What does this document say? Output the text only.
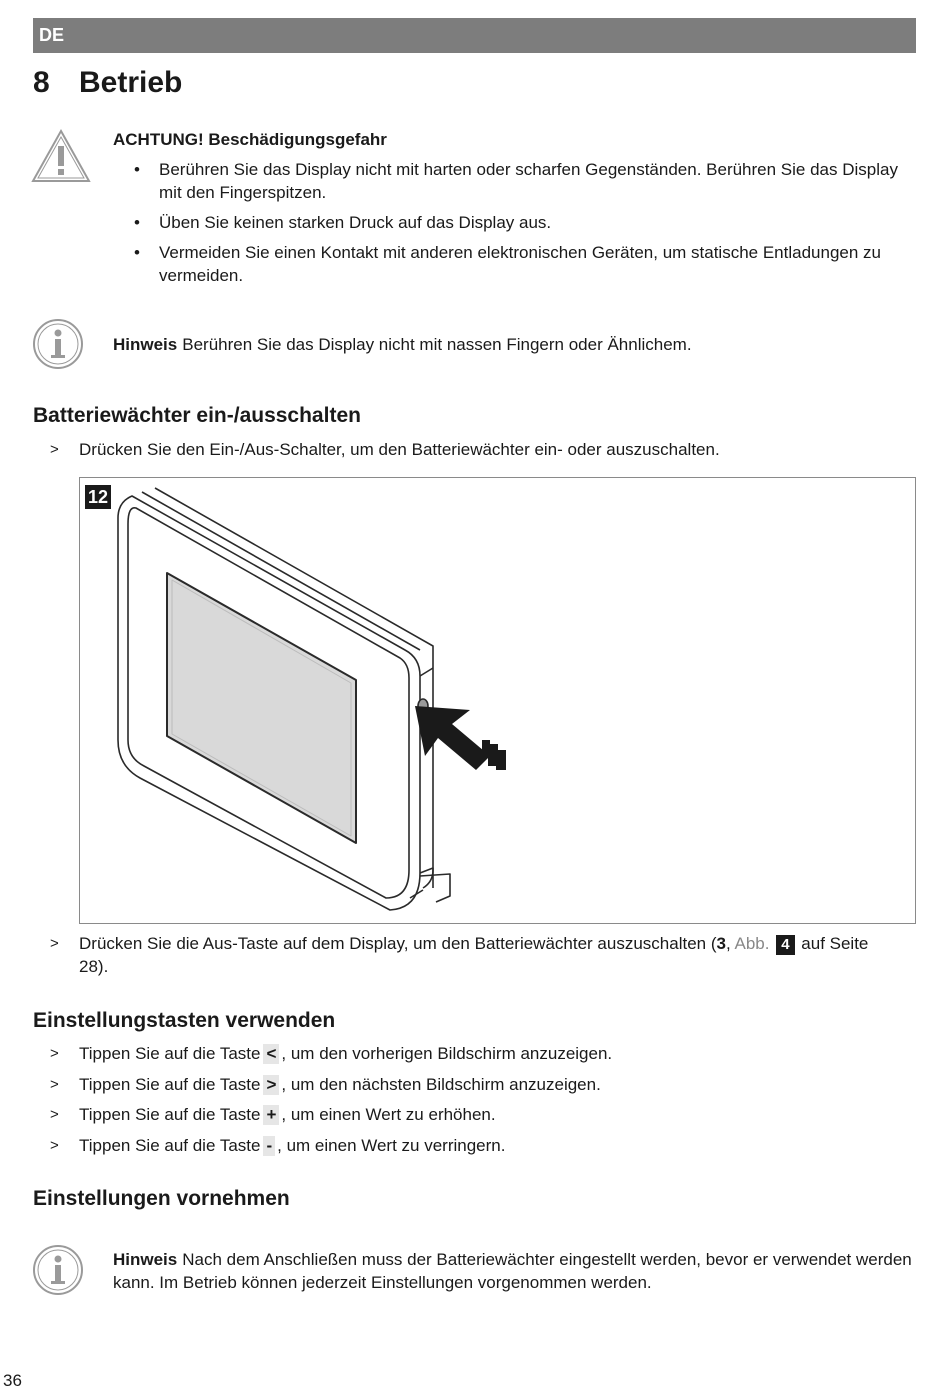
DE
8 Betrieb
ACHTUNG! Beschädigungsgefahr
• Berühren Sie das Display nicht mit harten oder scharfen Gegenständen. Berühren Sie das Display mit den Fingerspitzen.
• Üben Sie keinen starken Druck auf das Display aus.
• Vermeiden Sie einen Kontakt mit anderen elektronischen Geräten, um statische Entladungen zu vermeiden.
Hinweis Berühren Sie das Display nicht mit nassen Fingern oder Ähnlichem.
Batteriewächter ein-/ausschalten
> Drücken Sie den Ein-/Aus-Schalter, um den Batteriewächter ein- oder auszuschalten.
12
> Drücken Sie die Aus-Taste auf dem Display, um den Batteriewächter auszuschalten (3, Abb. 4 auf Seite 28).
Einstellungstasten verwenden
> Tippen Sie auf die Taste < , um den vorherigen Bildschirm anzuzeigen.
> Tippen Sie auf die Taste > , um den nächsten Bildschirm anzuzeigen.
> Tippen Sie auf die Taste + , um einen Wert zu erhöhen.
> Tippen Sie auf die Taste - , um einen Wert zu verringern.
Einstellungen vornehmen
Hinweis Nach dem Anschließen muss der Batteriewächter eingestellt werden, bevor er verwendet werden kann. Im Betrieb können jederzeit Einstellungen vorgenommen werden.
36
